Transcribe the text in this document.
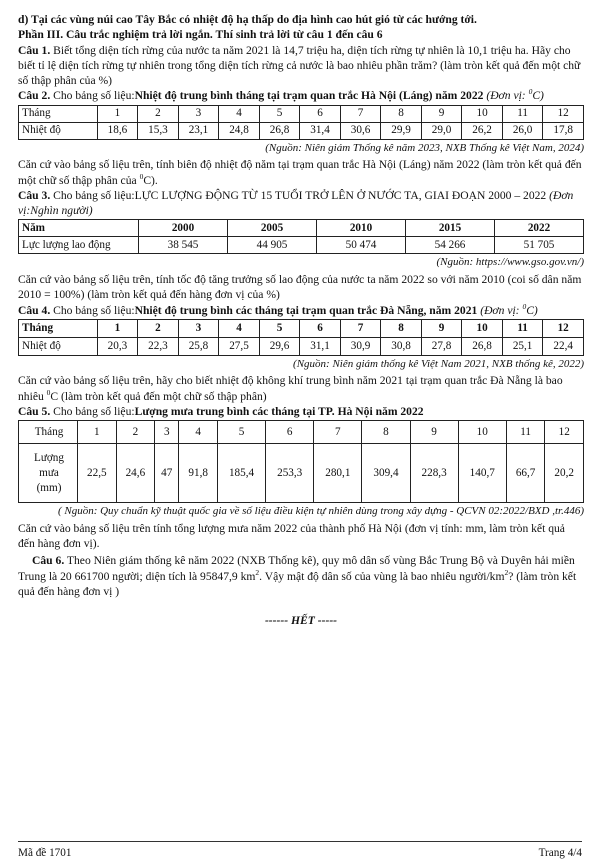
d) Tại các vùng núi cao Tây Bắc có nhiệt độ hạ thấp do địa hình cao hút gió từ các hướng tới.

Phần III. Câu trắc nghiệm trả lời ngắn. Thí sinh trả lời từ câu 1 đến câu 6

Câu 1. Biết tổng diện tích rừng của nước ta năm 2021 là 14,7 triệu ha, diện tích rừng tự nhiên là 10,1 triệu ha. Hãy cho biết tỉ lệ diện tích rừng tự nhiên trong tổng diện tích rừng cả nước là bao nhiêu phần trăm? (làm tròn kết quả đến một chữ số thập phân của %)

Câu 2. Cho bảng số liệu:Nhiệt độ trung bình tháng tại trạm quan trắc Hà Nội (Láng) năm 2022 (Đơn vị: $^0$C)

Tháng	1	2	3	4	5	6	7	8	9	10	11	12
Nhiệt độ	18,6	15,3	23,1	24,8	26,8	31,4	30,6	29,9	29,0	26,2	26,0	17,8

(Nguồn: Niên giám Thống kê năm 2023, NXB Thống kê Việt Nam, 2024)

Căn cứ vào bảng số liệu trên, tính biên độ nhiệt độ năm tại trạm quan trắc Hà Nội (Láng) năm 2022 (làm tròn kết quả đến một chữ số thập phân của $^0$C).

Câu 3. Cho bảng số liệu:LỰC LƯỢNG ĐỘNG TỪ 15 TUỔI TRỞ LÊN Ở NƯỚC TA, GIAI ĐOẠN 2000 – 2022 (Đơn vị:Nghìn người)

Năm	2000	2005	2010	2015	2022
Lực lượng lao động	38 545	44 905	50 474	54 266	51 705

(Nguồn: https://www.gso.gov.vn/)

Căn cứ vào bảng số liệu trên, tính tốc độ tăng trưởng số lao động của nước ta năm 2022 so với năm 2010 (coi số dân năm 2010 = 100%) (làm tròn kết quả đến hàng đơn vị của %)

Câu 4. Cho bảng số liệu:Nhiệt độ trung bình các tháng tại trạm quan trắc Đà Nẵng, năm 2021 (Đơn vị: $^0$C)

Tháng	1	2	3	4	5	6	7	8	9	10	11	12
Nhiệt độ	20,3	22,3	25,8	27,5	29,6	31,1	30,9	30,8	27,8	26,8	25,1	22,4

(Nguồn: Niên giám thống kê Việt Nam 2021, NXB thống kê, 2022)

Căn cứ vào bảng số liệu trên, hãy cho biết nhiệt độ không khí trung bình năm 2021 tại trạm quan trắc Đà Nẵng là bao nhiêu $^0$C (làm tròn kết quả đến một chữ số thập phân)

Câu 5. Cho bảng số liệu:Lượng mưa trung bình các tháng tại TP. Hà Nội năm 2022

Tháng	1	2	3	4	5	6	7	8	9	10	11	12
Lượng
mưa
(mm)	22,5	24,6	47	91,8	185,4	253,3	280,1	309,4	228,3	140,7	66,7	20,2

( Nguồn: Quy chuẩn kỹ thuật quốc gia về số liệu điều kiện tự nhiên dùng trong xây dựng - QCVN 02:2022/BXD ,tr.446)

Căn cứ vào bảng số liệu trên tính tổng lượng mưa năm 2022 của thành phố Hà Nội (đơn vị tính: mm, làm tròn kết quả đến hàng đơn vị).

Câu 6. Theo Niên giám thống kê năm 2022 (NXB Thống kê), quy mô dân số vùng Bắc Trung Bộ và Duyên hải miền Trung là 20 661700 người; diện tích là 95847,9 $km^2$. Vậy mật độ dân số của vùng là bao nhiêu người/$km^2$? (làm tròn kết quả đến hàng đơn vị )

------ HẾT -----

Mã đề 1701	Trang 4/4
